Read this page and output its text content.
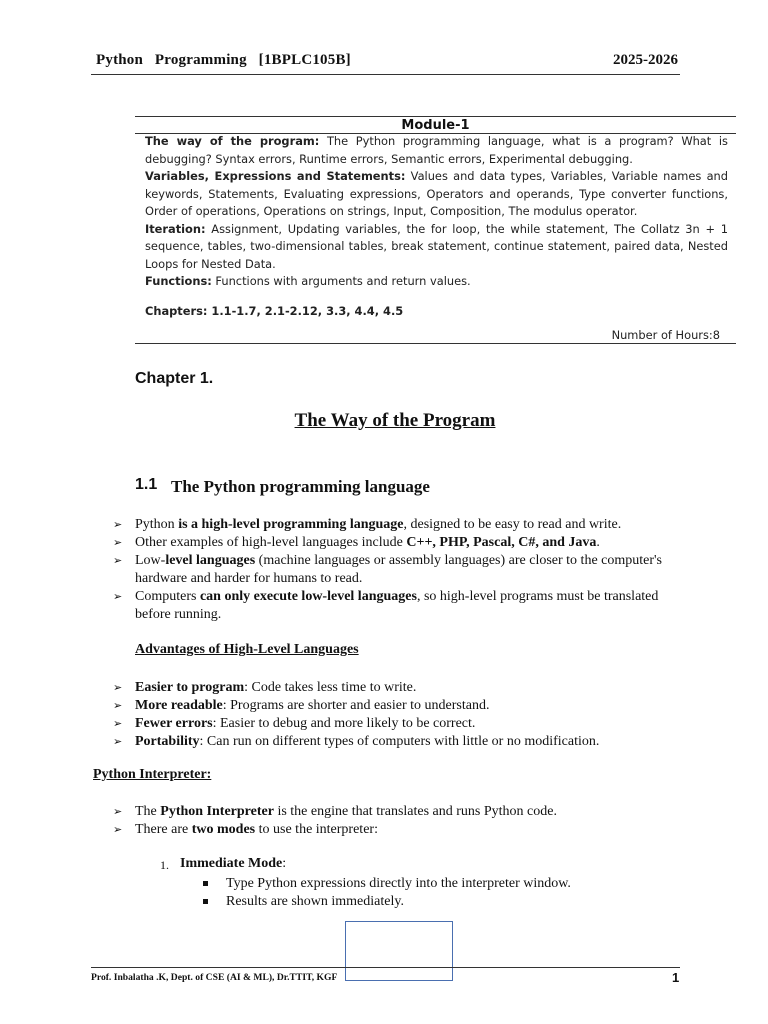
Python   Programming   [1BPLC105B]	2025-2026
Module-1

The way of the program: The Python programming language, what is a program? What is debugging? Syntax errors, Runtime errors, Semantic errors, Experimental debugging.

Variables, Expressions and Statements: Values and data types, Variables, Variable names and keywords, Statements, Evaluating expressions, Operators and operands, Type converter functions, Order of operations, Operations on strings, Input, Composition, The modulus operator.

Iteration: Assignment, Updating variables, the for loop, the while statement, The Collatz 3n + 1 sequence, tables, two-dimensional tables, break statement, continue statement, paired data, Nested Loops for Nested Data.

Functions: Functions with arguments and return values.

Chapters: 1.1-1.7, 2.1-2.12, 3.3, 4.4, 4.5

Number of Hours:8
Chapter 1.
The Way of the Program
1.1 The Python programming language
➢ Python is a high-level programming language, designed to be easy to read and write.
➢ Other examples of high-level languages include C++, PHP, Pascal, C#, and Java.
➢ Low-level languages (machine languages or assembly languages) are closer to the computer's hardware and harder for humans to read.
➢ Computers can only execute low-level languages, so high-level programs must be translated before running.
Advantages of High-Level Languages
➢ Easier to program: Code takes less time to write.
➢ More readable: Programs are shorter and easier to understand.
➢ Fewer errors: Easier to debug and more likely to be correct.
➢ Portability: Can run on different types of computers with little or no modification.
Python Interpreter:
➢ The Python Interpreter is the engine that translates and runs Python code.
➢ There are two modes to use the interpreter:
1. Immediate Mode:
Type Python expressions directly into the interpreter window.
Results are shown immediately.
Prof. Inbalatha .K, Dept. of CSE (AI & ML), Dr.TTIT, KGF	1
